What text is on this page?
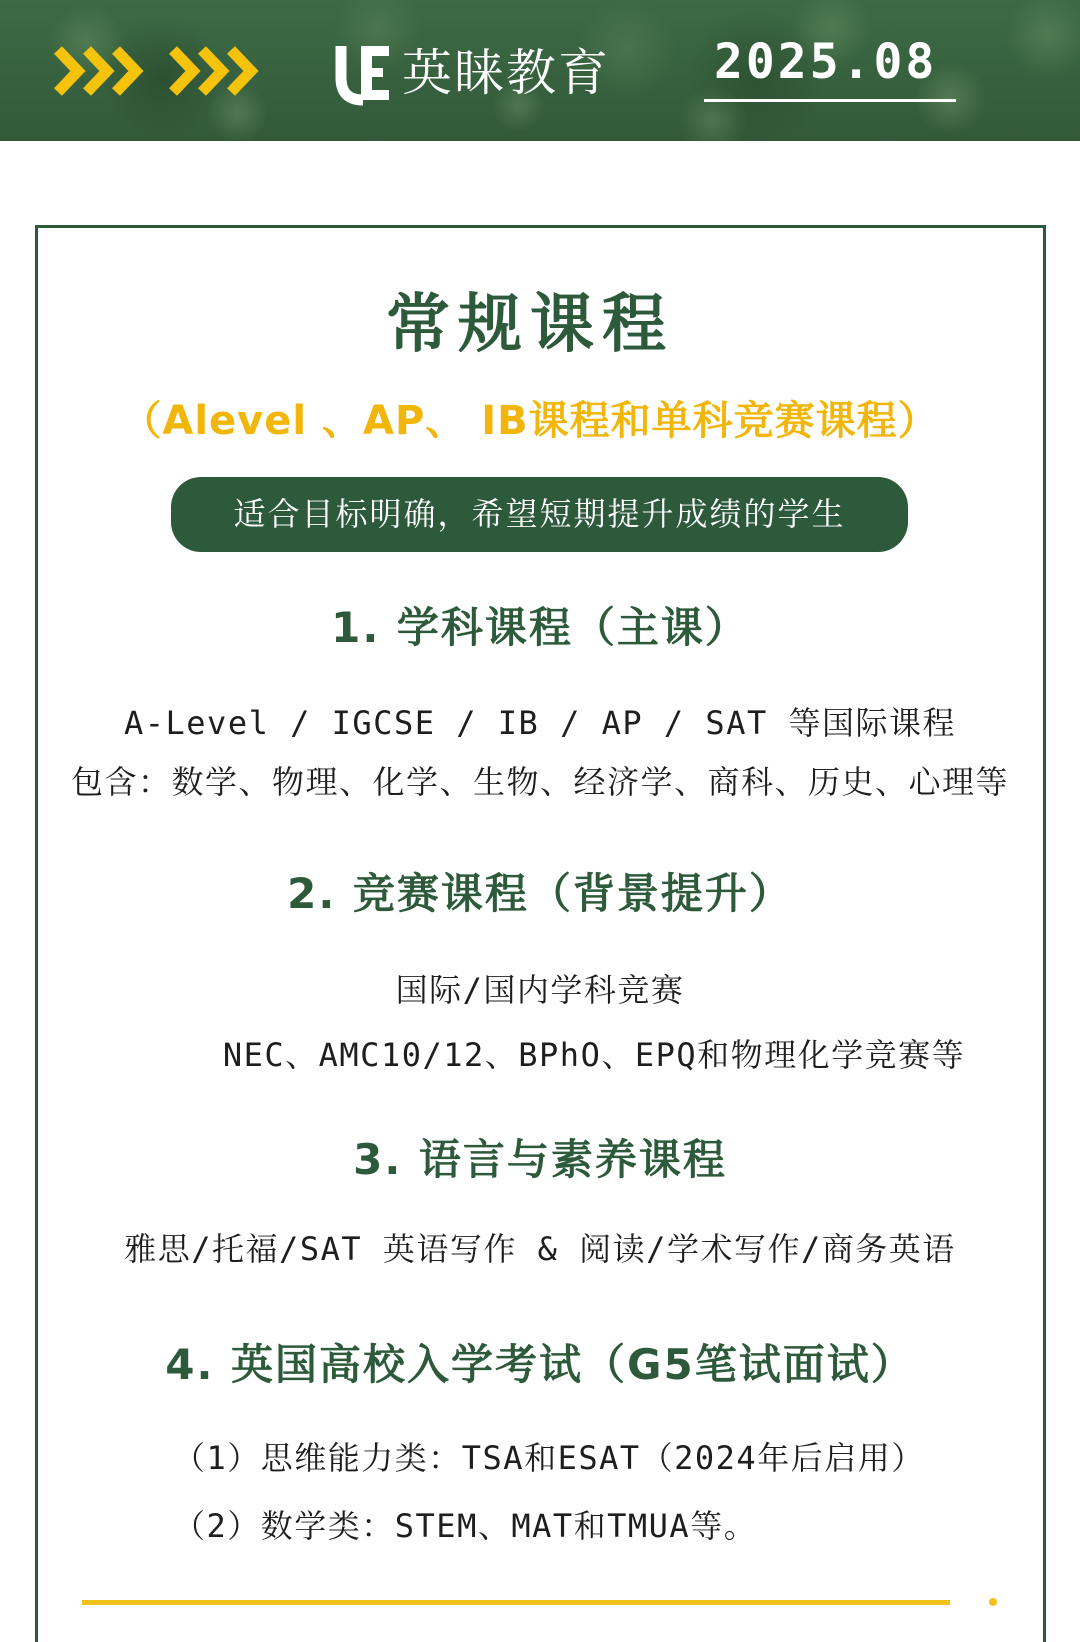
英睐教育 2025.08
常规课程
（Alevel 、AP、 IB课程和单科竞赛课程）
适合目标明确，希望短期提升成绩的学生
1. 学科课程（主课）
A-Level / IGCSE / IB / AP / SAT 等国际课程
包含：数学、物理、化学、生物、经济学、商科、历史、心理等
2. 竞赛课程（背景提升）
国际/国内学科竞赛
NEC、AMC10/12、BPhO、EPQ和物理化学竞赛等
3. 语言与素养课程
雅思/托福/SAT 英语写作 & 阅读/学术写作/商务英语
4. 英国高校入学考试（G5笔试面试）
（1）思维能力类：TSA和ESAT（2024年后启用）
（2）数学类：STEM、MAT和TMUA等。
